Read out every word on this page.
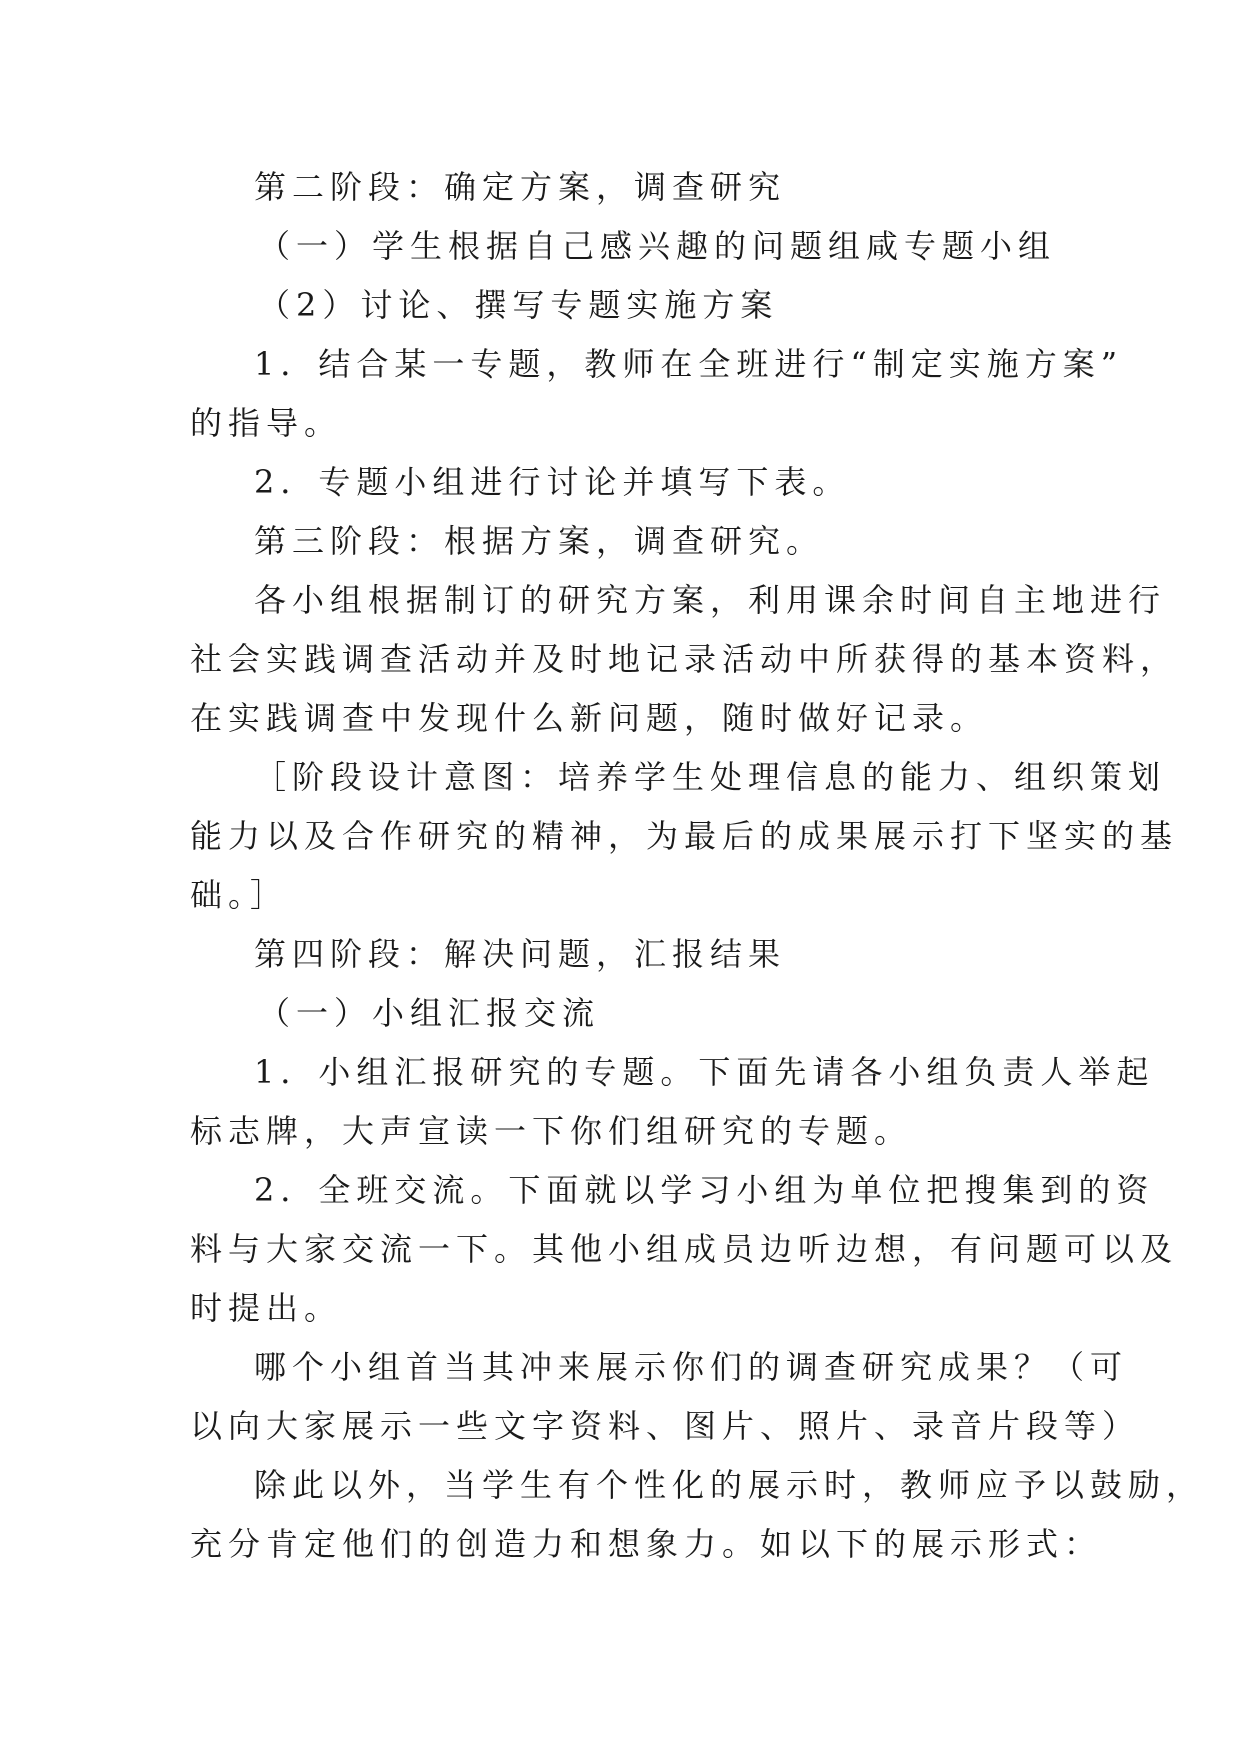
第二阶段：确定方案，调查研究

（一）学生根据自己感兴趣的问题组咸专题小组

（2）讨论、撰写专题实施方案

1．结合某一专题，教师在全班进行“制定实施方案”
的指导。

2．专题小组进行讨论并填写下表。

第三阶段：根据方案，调查研究。

各小组根据制订的研究方案，利用课余时间自主地进行
社会实践调查活动并及时地记录活动中所获得的基本资料，
在实践调查中发现什么新问题，随时做好记录。

［阶段设计意图：培养学生处理信息的能力、组织策划
能力以及合作研究的精神，为最后的成果展示打下坚实的基
础。］

第四阶段：解决问题，汇报结果

（一）小组汇报交流

1．小组汇报研究的专题。下面先请各小组负责人举起
标志牌，大声宣读一下你们组研究的专题。

2．全班交流。下面就以学习小组为单位把搜集到的资
料与大家交流一下。其他小组成员边听边想，有问题可以及
时提出。

哪个小组首当其冲来展示你们的调查研究成果？（可
以向大家展示一些文字资料、图片、照片、录音片段等）

除此以外，当学生有个性化的展示时，教师应予以鼓励，
充分肯定他们的创造力和想象力。如以下的展示形式：
